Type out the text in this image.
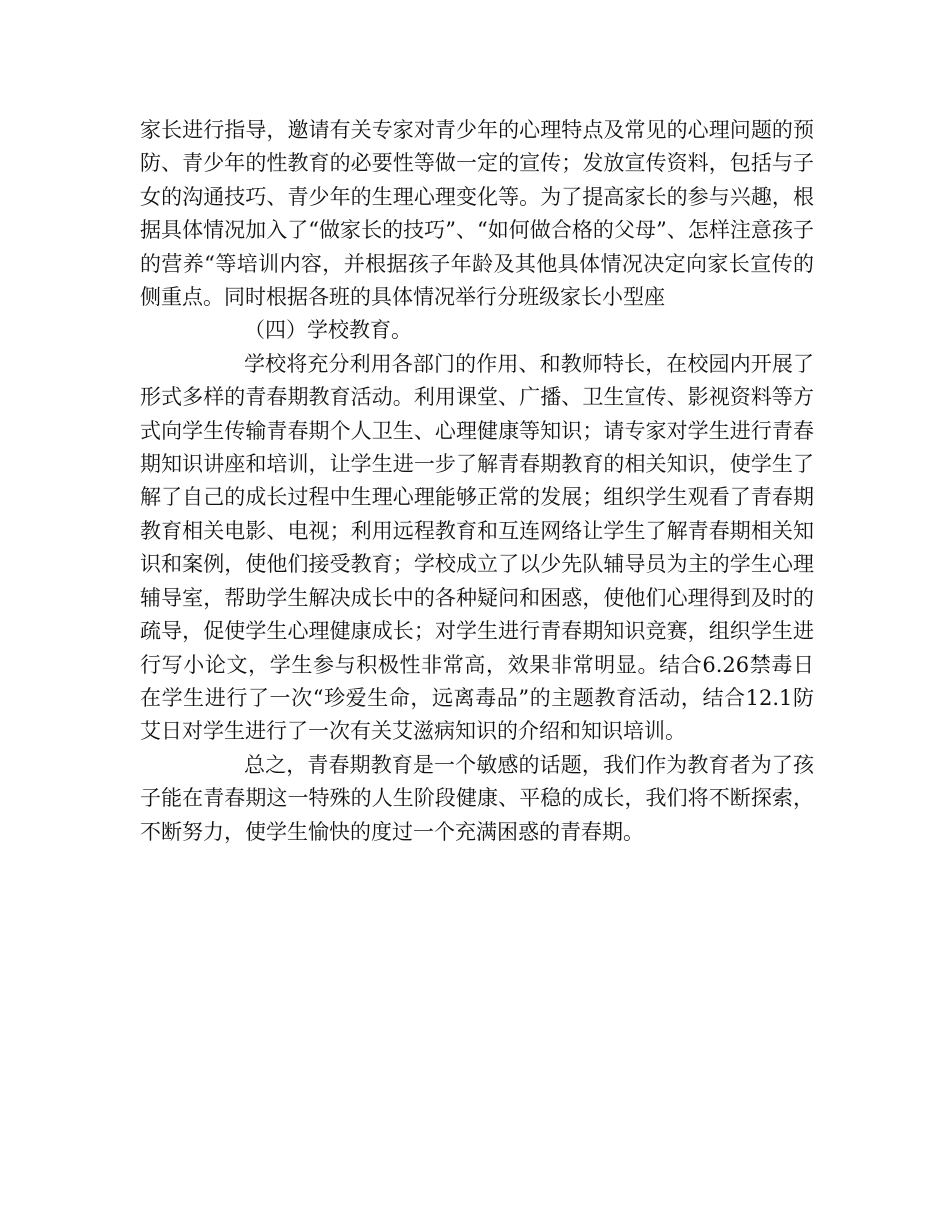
家长进行指导，邀请有关专家对青少年的心理特点及常见的心理问题的预防、青少年的性教育的必要性等做一定的宣传；发放宣传资料，包括与子女的沟通技巧、青少年的生理心理变化等。为了提高家长的参与兴趣，根据具体情况加入了“做家长的技巧”、“如何做合格的父母”、怎样注意孩子的营养“等培训内容，并根据孩子年龄及其他具体情况决定向家长宣传的侧重点。同时根据各班的具体情况举行分班级家长小型座

（四）学校教育。

学校将充分利用各部门的作用、和教师特长，在校园内开展了形式多样的青春期教育活动。利用课堂、广播、卫生宣传、影视资料等方式向学生传输青春期个人卫生、心理健康等知识；请专家对学生进行青春期知识讲座和培训，让学生进一步了解青春期教育的相关知识，使学生了解了自己的成长过程中生理心理能够正常的发展；组织学生观看了青春期教育相关电影、电视；利用远程教育和互连网络让学生了解青春期相关知识和案例，使他们接受教育；学校成立了以少先队辅导员为主的学生心理辅导室，帮助学生解决成长中的各种疑问和困惑，使他们心理得到及时的疏导，促使学生心理健康成长；对学生进行青春期知识竞赛，组织学生进行写小论文，学生参与积极性非常高，效果非常明显。结合6.26禁毒日在学生进行了一次“珍爱生命，远离毒品”的主题教育活动，结合12.1防艾日对学生进行了一次有关艾滋病知识的介绍和知识培训。

总之，青春期教育是一个敏感的话题，我们作为教育者为了孩子能在青春期这一特殊的人生阶段健康、平稳的成长，我们将不断探索，不断努力，使学生愉快的度过一个充满困惑的青春期。
